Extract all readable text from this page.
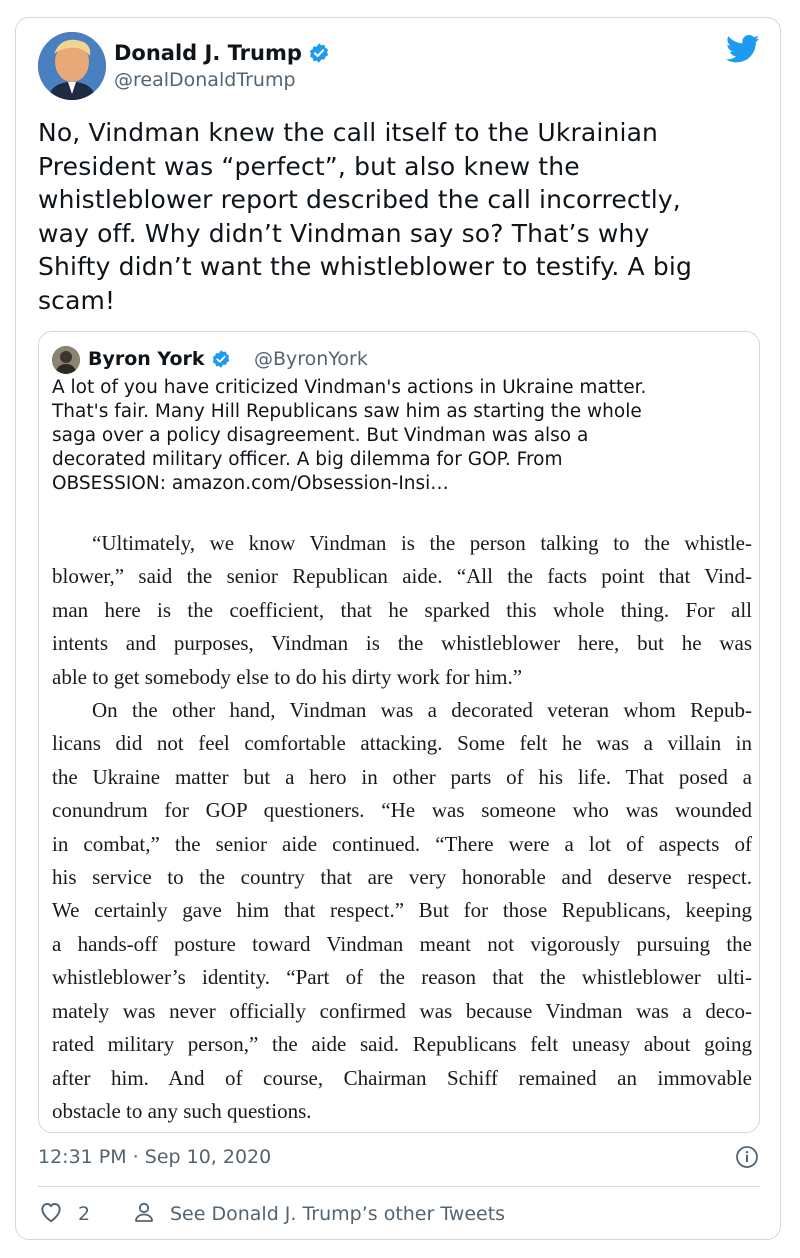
Donald J. Trump
@realDonaldTrump
No, Vindman knew the call itself to the Ukrainian
President was “perfect”, but also knew the
whistleblower report described the call incorrectly,
way off. Why didn’t Vindman say so? That’s why
Shifty didn’t want the whistleblower to testify. A big
scam!
Byron York	@ByronYork
A lot of you have criticized Vindman's actions in Ukraine matter.
That's fair. Many Hill Republicans saw him as starting the whole
saga over a policy disagreement. But Vindman was also a
decorated military officer. A big dilemma for GOP. From
OBSESSION: amazon.com/Obsession-Insi…
“Ultimately, we know Vindman is the person talking to the whistle-
blower,” said the senior Republican aide. “All the facts point that Vind-
man here is the coefficient, that he sparked this whole thing. For all
intents and purposes, Vindman is the whistleblower here, but he was
able to get somebody else to do his dirty work for him.”
On the other hand, Vindman was a decorated veteran whom Repub-
licans did not feel comfortable attacking. Some felt he was a villain in
the Ukraine matter but a hero in other parts of his life. That posed a
conundrum for GOP questioners. “He was someone who was wounded
in combat,” the senior aide continued. “There were a lot of aspects of
his service to the country that are very honorable and deserve respect.
We certainly gave him that respect.” But for those Republicans, keeping
a hands-off posture toward Vindman meant not vigorously pursuing the
whistleblower’s identity. “Part of the reason that the whistleblower ulti-
mately was never officially confirmed was because Vindman was a deco-
rated military person,” the aide said. Republicans felt uneasy about going
after him. And of course, Chairman Schiff remained an immovable
obstacle to any such questions.
12:31 PM · Sep 10, 2020
2	See Donald J. Trump’s other Tweets
